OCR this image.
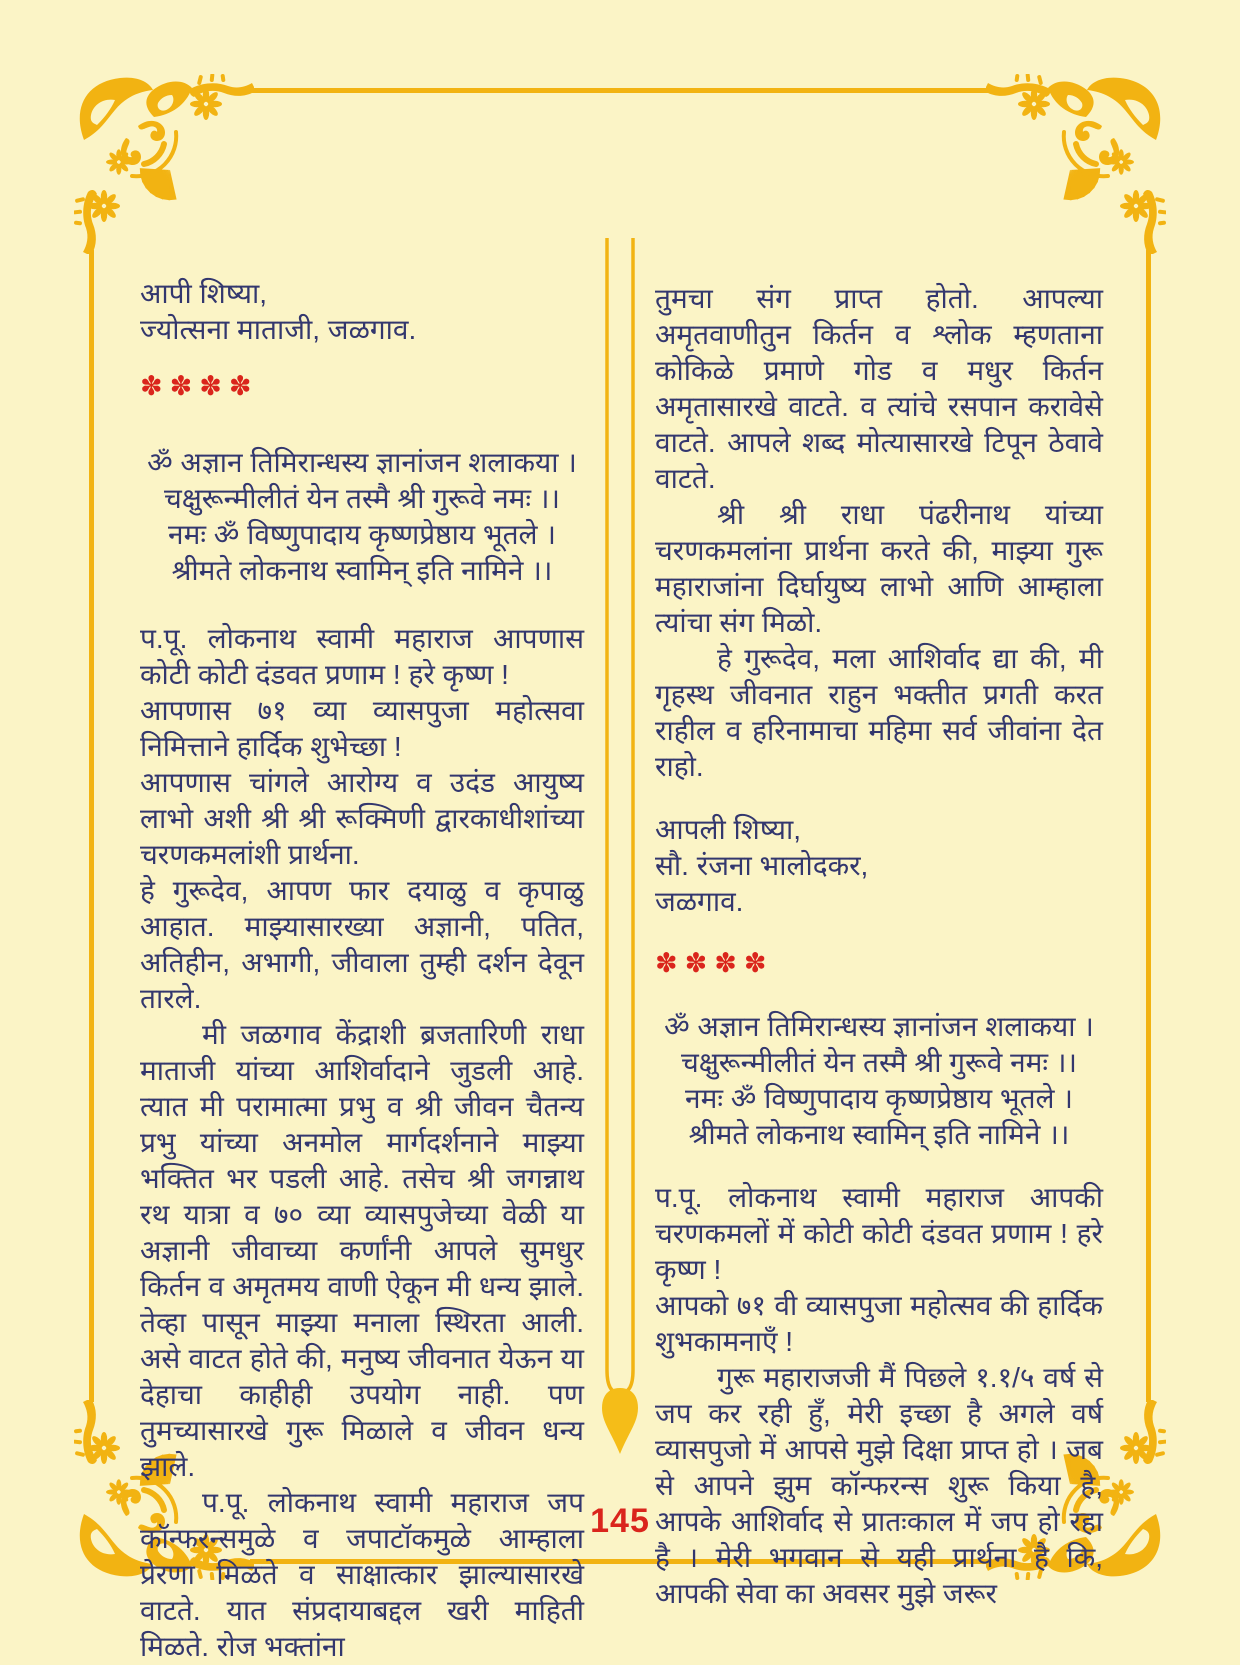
आपी शिष्या,
ज्योत्सना माताजी, जळगाव.
✽✽✽✽
ॐ अज्ञान तिमिरान्धस्य ज्ञानांजन शलाकया ।
चक्षुरून्मीलीतं येन तस्मै श्री गुरूवे नमः ।।
नमः ॐ विष्णुपादाय कृष्णप्रेष्ठाय भूतले ।
श्रीमते लोकनाथ स्वामिन् इति नामिने ।।

प.पू. लोकनाथ स्वामी महाराज आपणास कोटी कोटी दंडवत प्रणाम ! हरे कृष्ण !

आपणास ७१ व्या व्यासपुजा महोत्सवा निमित्ताने हार्दिक शुभेच्छा !

आपणास चांगले आरोग्य व उदंड आयुष्य लाभो अशी श्री श्री रूक्मिणी द्वारकाधीशांच्या चरणकमलांशी प्रार्थना.

हे गुरूदेव, आपण फार दयाळु व कृपाळु आहात. माझ्यासारख्या अज्ञानी, पतित, अतिहीन, अभागी, जीवाला तुम्ही दर्शन देवून तारले.

मी जळगाव केंद्राशी ब्रजतारिणी राधा माताजी यांच्या आशिर्वादाने जुडली आहे. त्यात मी परामात्मा प्रभु व श्री जीवन चैतन्य प्रभु यांच्या अनमोल मार्गदर्शनाने माझ्या भक्तित भर पडली आहे. तसेच श्री जगन्नाथ रथ यात्रा व ७० व्या व्यासपुजेच्या वेळी या अज्ञानी जीवाच्या कर्णांनी आपले सुमधुर किर्तन व अमृतमय वाणी ऐकून मी धन्य झाले. तेव्हा पासून माझ्या मनाला स्थिरता आली. असे वाटत होते की, मनुष्य जीवनात येऊन या देहाचा काहीही उपयोग नाही. पण तुमच्यासारखे गुरू मिळाले व जीवन धन्य झाले.

प.पू. लोकनाथ स्वामी महाराज जप कॉन्फरन्समुळे व जपाटॉकमुळे आम्हाला प्रेरणा मिळते व साक्षात्कार झाल्यासारखे वाटते. यात संप्रदायाबद्दल खरी माहिती मिळते. रोज भक्तांना

तुमचा संग प्राप्त होतो. आपल्या अमृतवाणीतुन किर्तन व श्लोक म्हणताना कोकिळे प्रमाणे गोड व मधुर किर्तन अमृतासारखे वाटते. व त्यांचे रसपान करावेसे वाटते. आपले शब्द मोत्यासारखे टिपून ठेवावे वाटते.

श्री श्री राधा पंढरीनाथ यांच्या चरणकमलांना प्रार्थना करते की, माझ्या गुरू महाराजांना दिर्घायुष्य लाभो आणि आम्हाला त्यांचा संग मिळो.

हे गुरूदेव, मला आशिर्वाद द्या की, मी गृहस्थ जीवनात राहुन भक्तीत प्रगती करत राहील व हरिनामाचा महिमा सर्व जीवांना देत राहो.

आपली शिष्या,
सौ. रंजना भालोदकर,
जळगाव.
✽✽✽✽
ॐ अज्ञान तिमिरान्धस्य ज्ञानांजन शलाकया ।
चक्षुरून्मीलीतं येन तस्मै श्री गुरूवे नमः ।।
नमः ॐ विष्णुपादाय कृष्णप्रेष्ठाय भूतले ।
श्रीमते लोकनाथ स्वामिन् इति नामिने ।।

प.पू. लोकनाथ स्वामी महाराज आपकी चरणकमलों में कोटी कोटी दंडवत प्रणाम ! हरे कृष्ण !

आपको ७१ वी व्यासपुजा महोत्सव की हार्दिक शुभकामनाएँ !

गुरू महाराजजी मैं पिछले १.१/५ वर्ष से जप कर रही हुँ, मेरी इच्छा है अगले वर्ष व्यासपुजो में आपसे मुझे दिक्षा प्राप्त हो । जब से आपने झुम कॉन्फरन्स शुरू किया है, आपके आशिर्वाद से प्रातःकाल में जप हो रहा है । मेरी भगवान से यही प्रार्थना है कि, आपकी सेवा का अवसर मुझे जरूर

145
